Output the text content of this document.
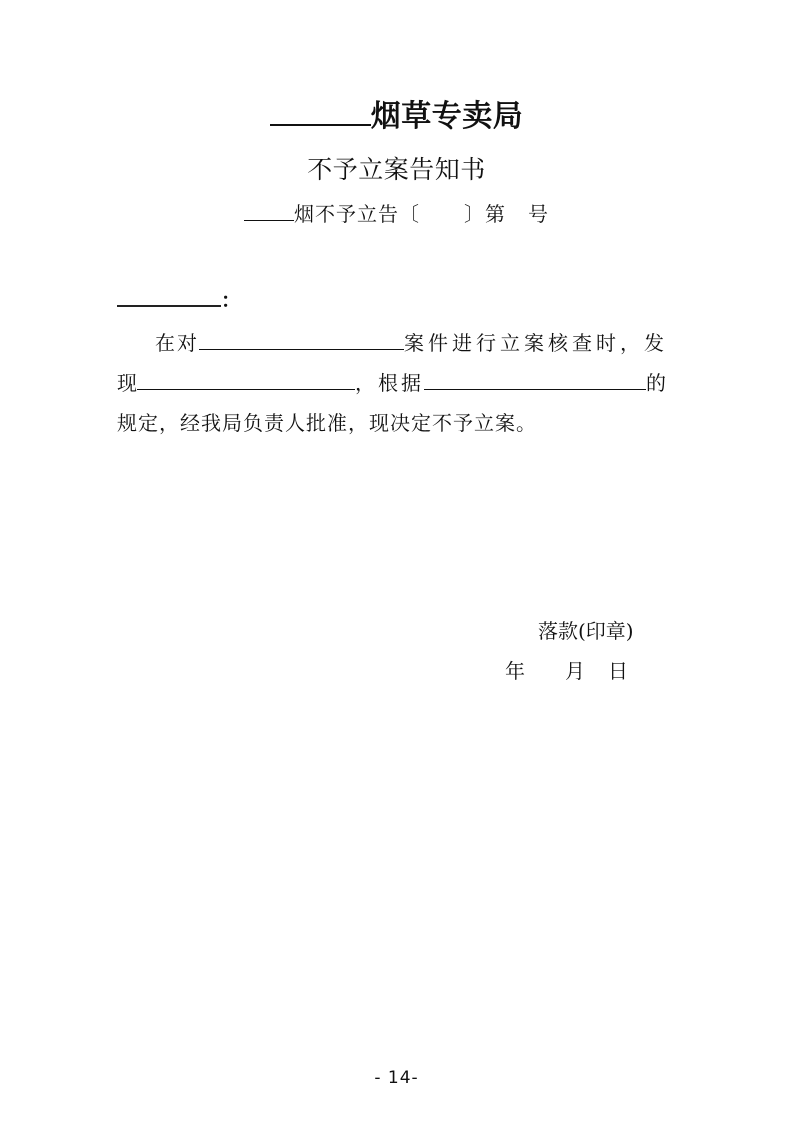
烟草专卖局
不予立案告知书
烟不予立告〔 〕第 号
：
在对	案件进行立案核查时，发
现	，根据	的
规定，经我局负责人批准，现决定不予立案。
落款(印章)
年 月 日
- 14-
